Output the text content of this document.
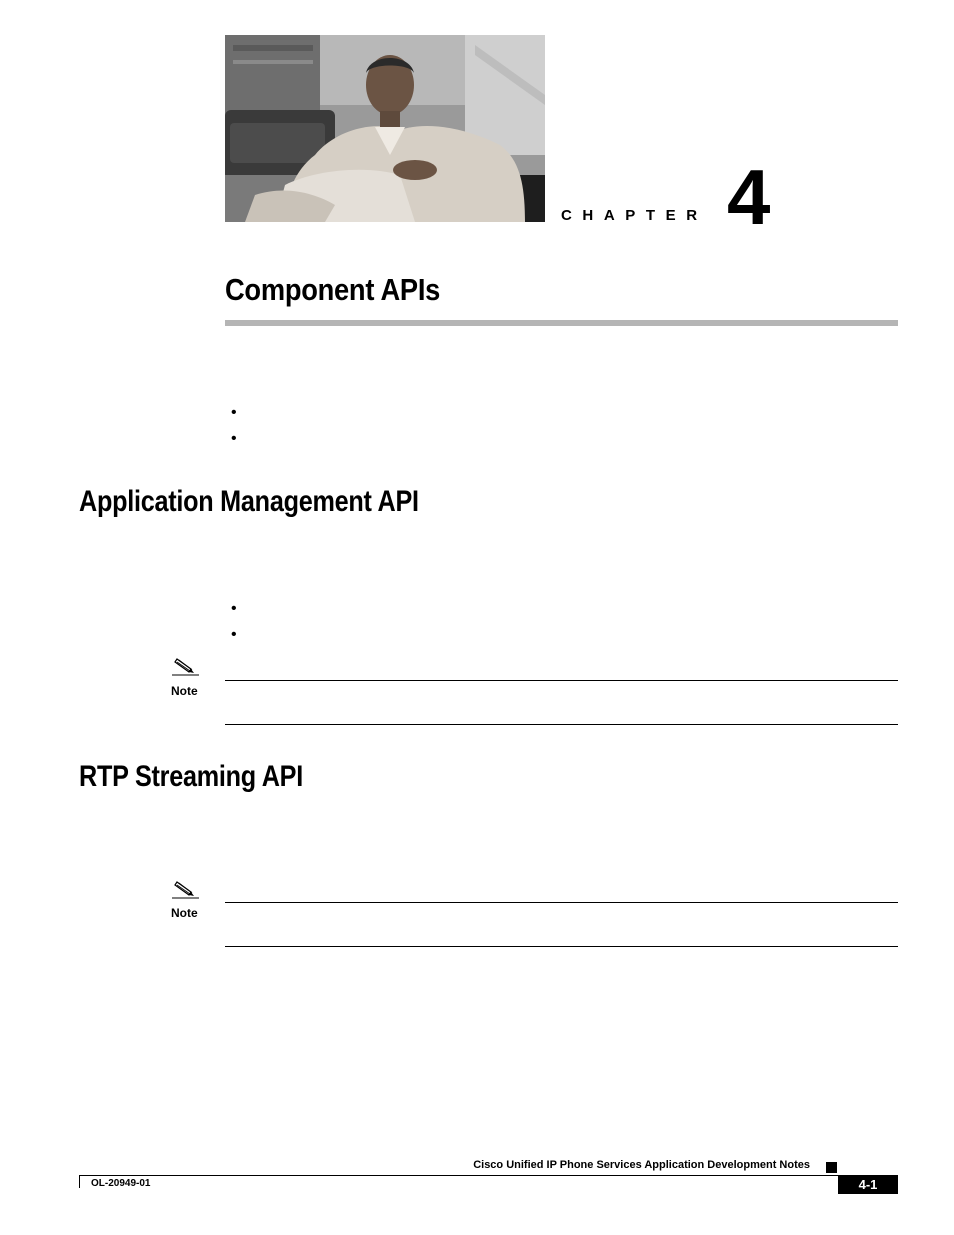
CHAPTER 4
Component APIs
•
•
Application Management API
•
•
Note
RTP Streaming API
Note
Cisco Unified IP Phone Services Application Development Notes
OL-20949-01	4-1
